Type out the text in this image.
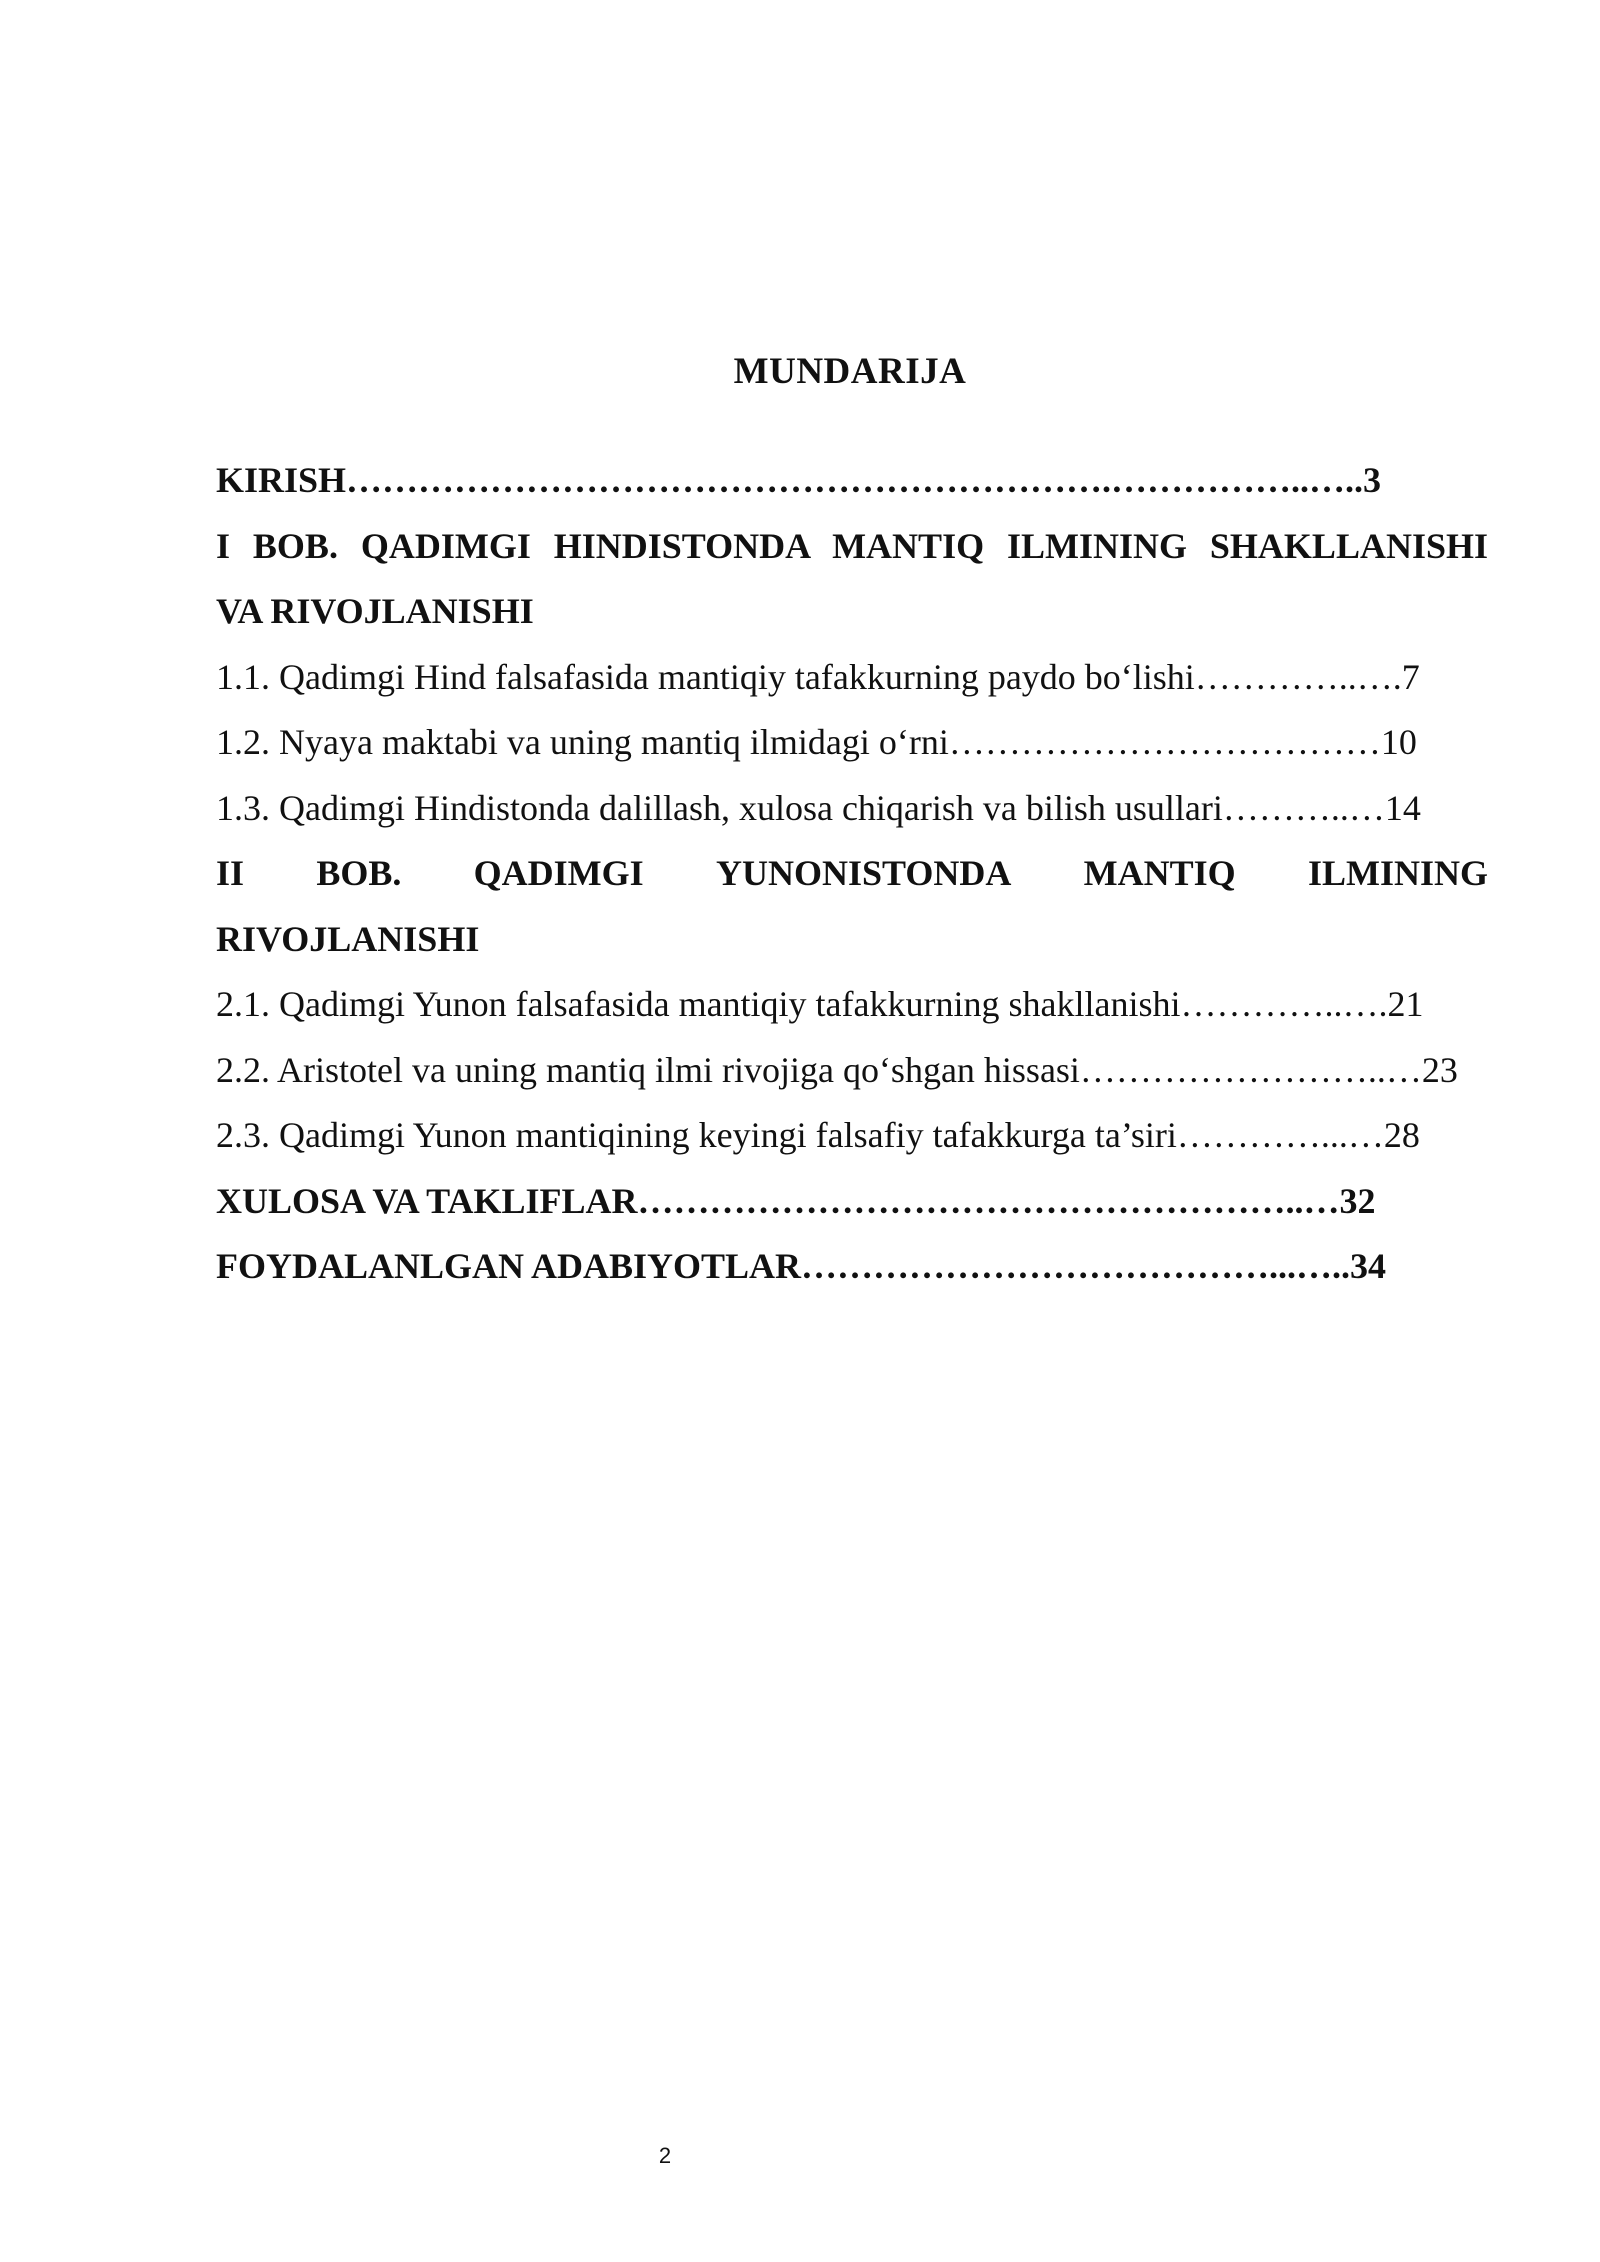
MUNDARIJA
KIRISH……………………………………………………….……………..…..3
I BOB. QADIMGI HINDISTONDA MANTIQ ILMINING SHAKLLANISHI
VA RIVOJLANISHI
1.1. Qadimgi Hind falsafasida mantiqiy tafakkurning paydo bo‘lishi…………..….7
1.2. Nyaya maktabi va uning mantiq ilmidagi o‘rni………………………………10
1.3. Qadimgi Hindistonda dalillash, xulosa chiqarish va bilish usullari………..…14
II BOB. QADIMGI YUNONISTONDA MANTIQ ILMINING
RIVOJLANISHI
2.1. Qadimgi Yunon falsafasida mantiqiy tafakkurning shakllanishi…………..….21
2.2. Aristotel va uning mantiq ilmi rivojiga qo‘shgan hissasi……………………..…23
2.3. Qadimgi Yunon mantiqining keyingi falsafiy tafakkurga ta’siri…………...…28
XULOSA VA TAKLIFLAR………………………………………………..…32
FOYDALANLGAN ADABIYOTLAR…………………………………...…..34
2
